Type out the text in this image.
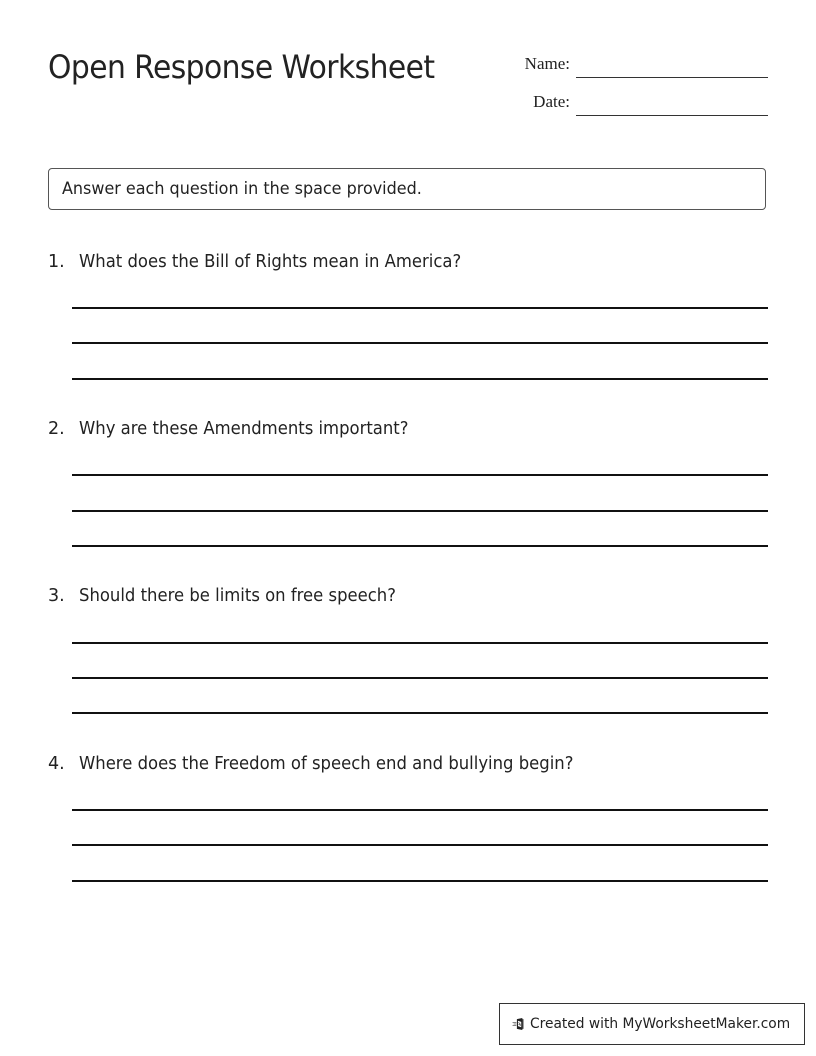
Open Response Worksheet	Name:
Date:
Answer each question in the space provided.
1. What does the Bill of Rights mean in America?
2. Why are these Amendments important?
3. Should there be limits on free speech?
4. Where does the Freedom of speech end and bullying begin?
Created with MyWorksheetMaker.com
